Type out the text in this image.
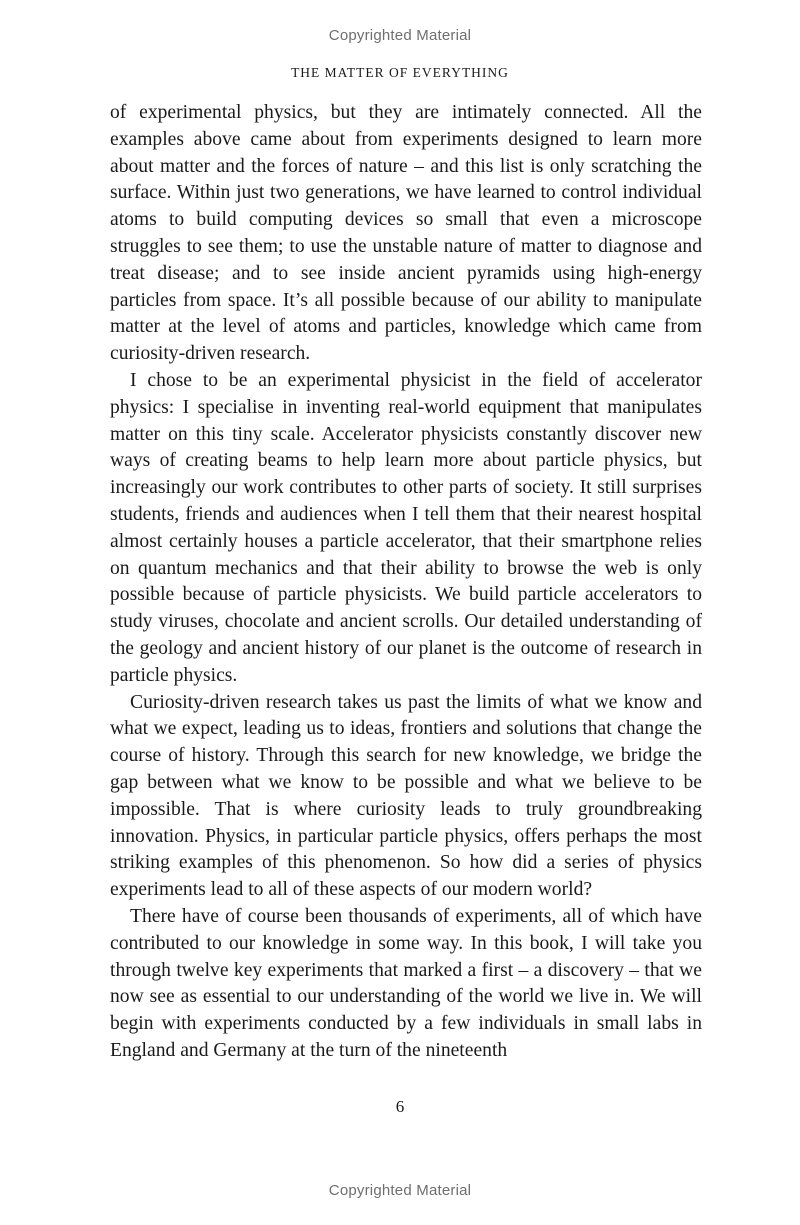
Copyrighted Material
THE MATTER OF EVERYTHING

of experimental physics, but they are intimately connected. All the examples above came about from experiments designed to learn more about matter and the forces of nature – and this list is only scratching the surface. Within just two generations, we have learned to control individual atoms to build computing devices so small that even a microscope struggles to see them; to use the unstable nature of matter to diagnose and treat disease; and to see inside ancient pyramids using high-energy particles from space. It’s all possible because of our ability to manipulate matter at the level of atoms and particles, knowledge which came from curiosity-driven research.

I chose to be an experimental physicist in the field of accelerator physics: I specialise in inventing real-world equipment that manipulates matter on this tiny scale. Accelerator physicists constantly discover new ways of creating beams to help learn more about particle physics, but increasingly our work contributes to other parts of society. It still surprises students, friends and audiences when I tell them that their nearest hospital almost certainly houses a particle accelerator, that their smartphone relies on quantum mechanics and that their ability to browse the web is only possible because of particle physicists. We build particle accelerators to study viruses, chocolate and ancient scrolls. Our detailed understanding of the geology and ancient history of our planet is the outcome of research in particle physics.

Curiosity-driven research takes us past the limits of what we know and what we expect, leading us to ideas, frontiers and solutions that change the course of history. Through this search for new knowledge, we bridge the gap between what we know to be possible and what we believe to be impossible. That is where curiosity leads to truly groundbreaking innovation. Physics, in particular particle physics, offers perhaps the most striking examples of this phenomenon. So how did a series of physics experiments lead to all of these aspects of our modern world?

There have of course been thousands of experiments, all of which have contributed to our knowledge in some way. In this book, I will take you through twelve key experiments that marked a first – a discovery – that we now see as essential to our understanding of the world we live in. We will begin with experiments conducted by a few individuals in small labs in England and Germany at the turn of the nineteenth

6
Copyrighted Material
